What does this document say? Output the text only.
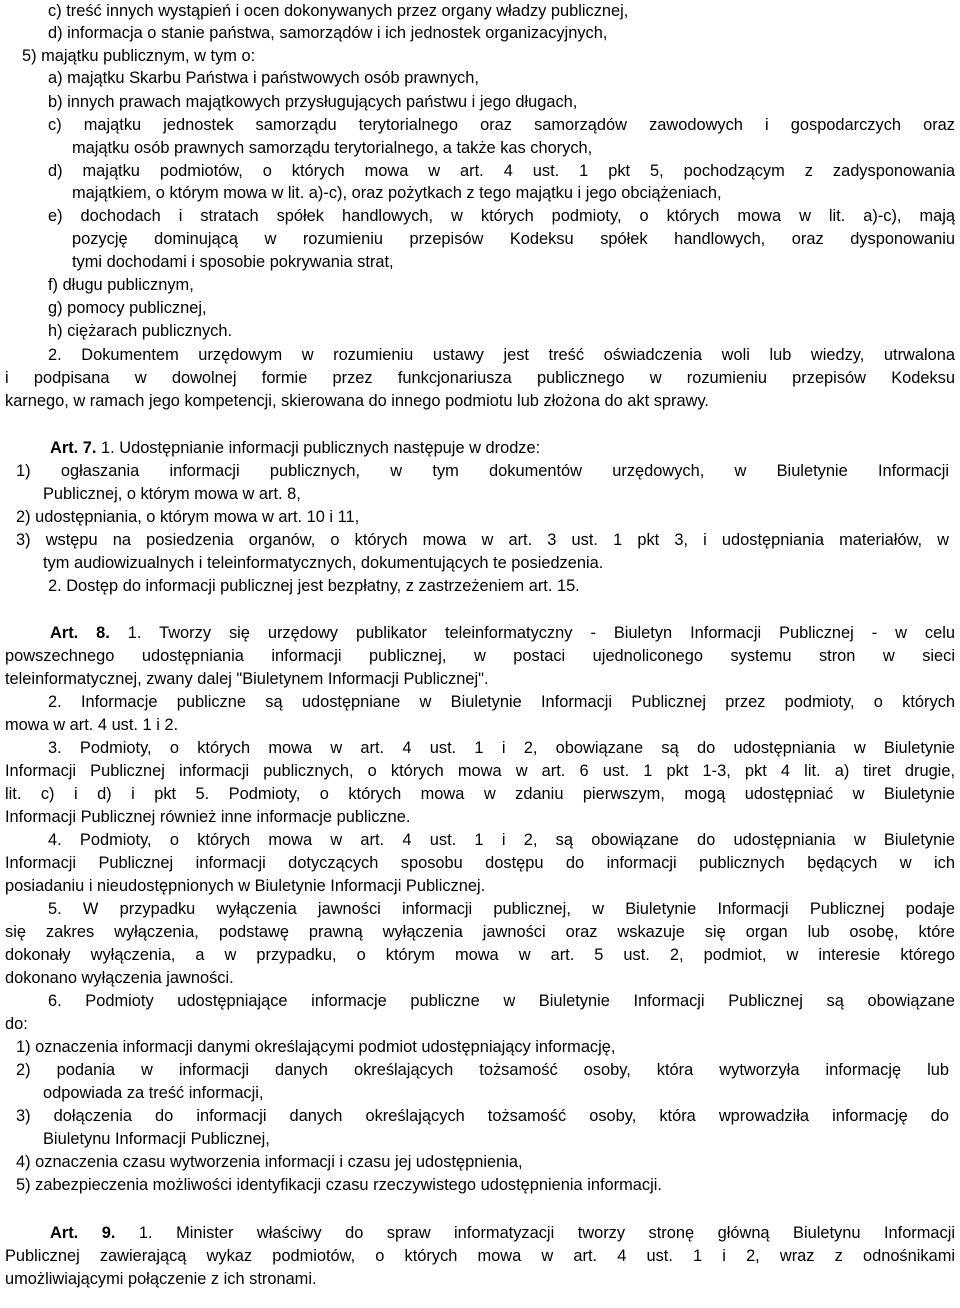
c) treść innych wystąpień i ocen dokonywanych przez organy władzy publicznej,
d) informacja o stanie państwa, samorządów i ich jednostek organizacyjnych,
5) majątku publicznym, w tym o:
a) majątku Skarbu Państwa i państwowych osób prawnych,
b) innych prawach majątkowych przysługujących państwu i jego długach,
c) majątku jednostek samorządu terytorialnego oraz samorządów zawodowych i gospodarczych oraz
majątku osób prawnych samorządu terytorialnego, a także kas chorych,
d) majątku podmiotów, o których mowa w art. 4 ust. 1 pkt 5, pochodzącym z zadysponowania
majątkiem, o którym mowa w lit. a)-c), oraz pożytkach z tego majątku i jego obciążeniach,
e) dochodach i stratach spółek handlowych, w których podmioty, o których mowa w lit. a)-c), mają
pozycję dominującą w rozumieniu przepisów Kodeksu spółek handlowych, oraz dysponowaniu
tymi dochodami i sposobie pokrywania strat,
f) długu publicznym,
g) pomocy publicznej,
h) ciężarach publicznych.
2. Dokumentem urzędowym w rozumieniu ustawy jest treść oświadczenia woli lub wiedzy, utrwalona
i podpisana w dowolnej formie przez funkcjonariusza publicznego w rozumieniu przepisów Kodeksu
karnego, w ramach jego kompetencji, skierowana do innego podmiotu lub złożona do akt sprawy.
Art. 7. 1. Udostępnianie informacji publicznych następuje w drodze:
1) ogłaszania informacji publicznych, w tym dokumentów urzędowych, w Biuletynie Informacji
Publicznej, o którym mowa w art. 8,
2) udostępniania, o którym mowa w art. 10 i 11,
3) wstępu na posiedzenia organów, o których mowa w art. 3 ust. 1 pkt 3, i udostępniania materiałów, w
tym audiowizualnych i teleinformatycznych, dokumentujących te posiedzenia.
2. Dostęp do informacji publicznej jest bezpłatny, z zastrzeżeniem art. 15.
Art. 8. 1. Tworzy się urzędowy publikator teleinformatyczny - Biuletyn Informacji Publicznej - w celu
powszechnego udostępniania informacji publicznej, w postaci ujednoliconego systemu stron w sieci
teleinformatycznej, zwany dalej "Biuletynem Informacji Publicznej".
2. Informacje publiczne są udostępniane w Biuletynie Informacji Publicznej przez podmioty, o których
mowa w art. 4 ust. 1 i 2.
3. Podmioty, o których mowa w art. 4 ust. 1 i 2, obowiązane są do udostępniania w Biuletynie
Informacji Publicznej informacji publicznych, o których mowa w art. 6 ust. 1 pkt 1-3, pkt 4 lit. a) tiret drugie,
lit. c) i d) i pkt 5. Podmioty, o których mowa w zdaniu pierwszym, mogą udostępniać w Biuletynie
Informacji Publicznej również inne informacje publiczne.
4. Podmioty, o których mowa w art. 4 ust. 1 i 2, są obowiązane do udostępniania w Biuletynie
Informacji Publicznej informacji dotyczących sposobu dostępu do informacji publicznych będących w ich
posiadaniu i nieudostępnionych w Biuletynie Informacji Publicznej.
5. W przypadku wyłączenia jawności informacji publicznej, w Biuletynie Informacji Publicznej podaje
się zakres wyłączenia, podstawę prawną wyłączenia jawności oraz wskazuje się organ lub osobę, które
dokonały wyłączenia, a w przypadku, o którym mowa w art. 5 ust. 2, podmiot, w interesie którego
dokonano wyłączenia jawności.
6. Podmioty udostępniające informacje publiczne w Biuletynie Informacji Publicznej są obowiązane
do:
1) oznaczenia informacji danymi określającymi podmiot udostępniający informację,
2) podania w informacji danych określających tożsamość osoby, która wytworzyła informację lub
odpowiada za treść informacji,
3) dołączenia do informacji danych określających tożsamość osoby, która wprowadziła informację do
Biuletynu Informacji Publicznej,
4) oznaczenia czasu wytworzenia informacji i czasu jej udostępnienia,
5) zabezpieczenia możliwości identyfikacji czasu rzeczywistego udostępnienia informacji.
Art. 9. 1. Minister właściwy do spraw informatyzacji tworzy stronę główną Biuletynu Informacji
Publicznej zawierającą wykaz podmiotów, o których mowa w art. 4 ust. 1 i 2, wraz z odnośnikami
umożliwiającymi połączenie z ich stronami.
